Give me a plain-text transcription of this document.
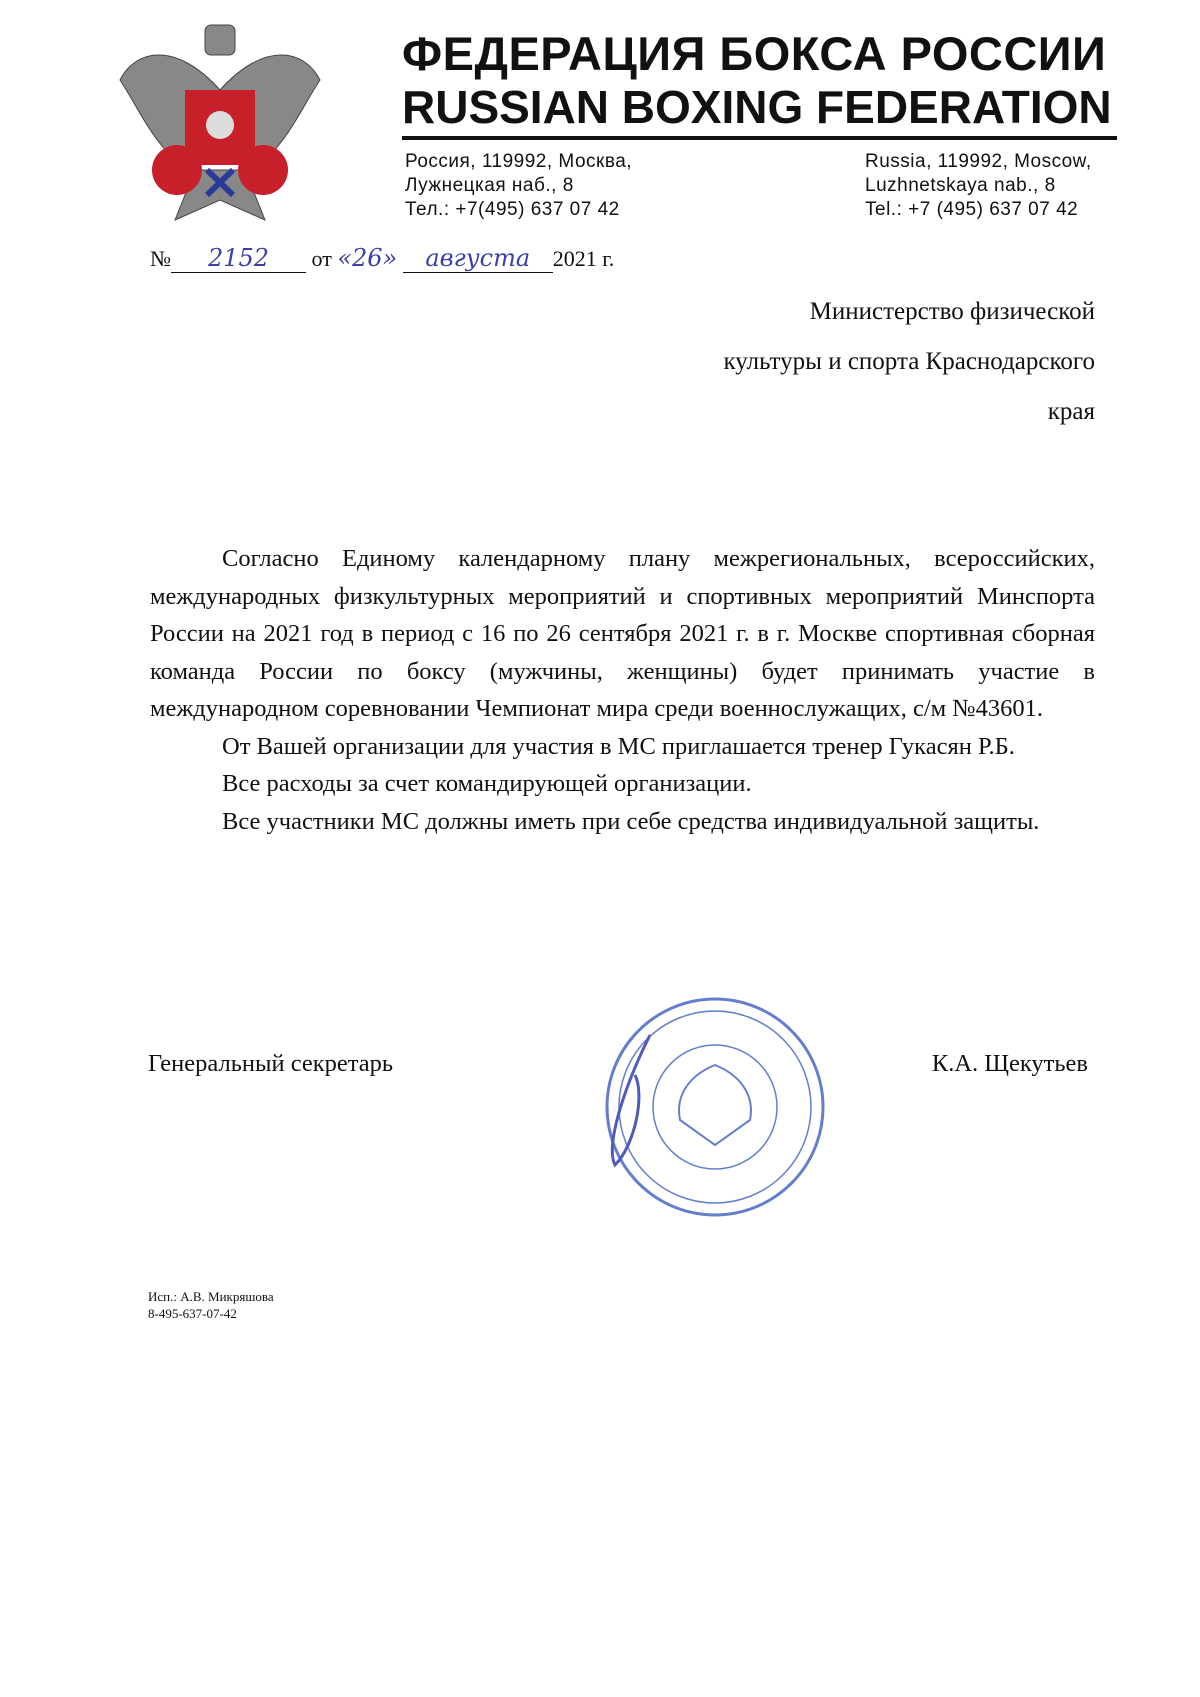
ФЕДЕРАЦИЯ БОКСА РОССИИ
RUSSIAN BOXING FEDERATION
Россия, 119992, Москва,
Лужнецкая наб., 8
Тел.: +7(495) 637 07 42
Russia, 119992, Moscow,
Luzhnetskaya nab., 8
Tel.: +7 (495) 637 07 42
№ 2152 от «26» августа 2021 г.
Министерство физической
культуры и спорта Краснодарского
края

Согласно Единому календарному плану межрегиональных, всероссийских, международных физкультурных мероприятий и спортивных мероприятий Минспорта России на 2021 год в период с 16 по 26 сентября 2021 г. в г. Москве спортивная сборная команда России по боксу (мужчины, женщины) будет принимать участие в международном соревновании Чемпионат мира среди военнослужащих, с/м №43601.

От Вашей организации для участия в МС приглашается тренер Гукасян Р.Б.

Все расходы за счет командирующей организации.

Все участники МС должны иметь при себе средства индивидуальной защиты.

Генеральный секретарь	К.А. Щекутьев
Исп.: А.В. Микряшова
8-495-637-07-42
